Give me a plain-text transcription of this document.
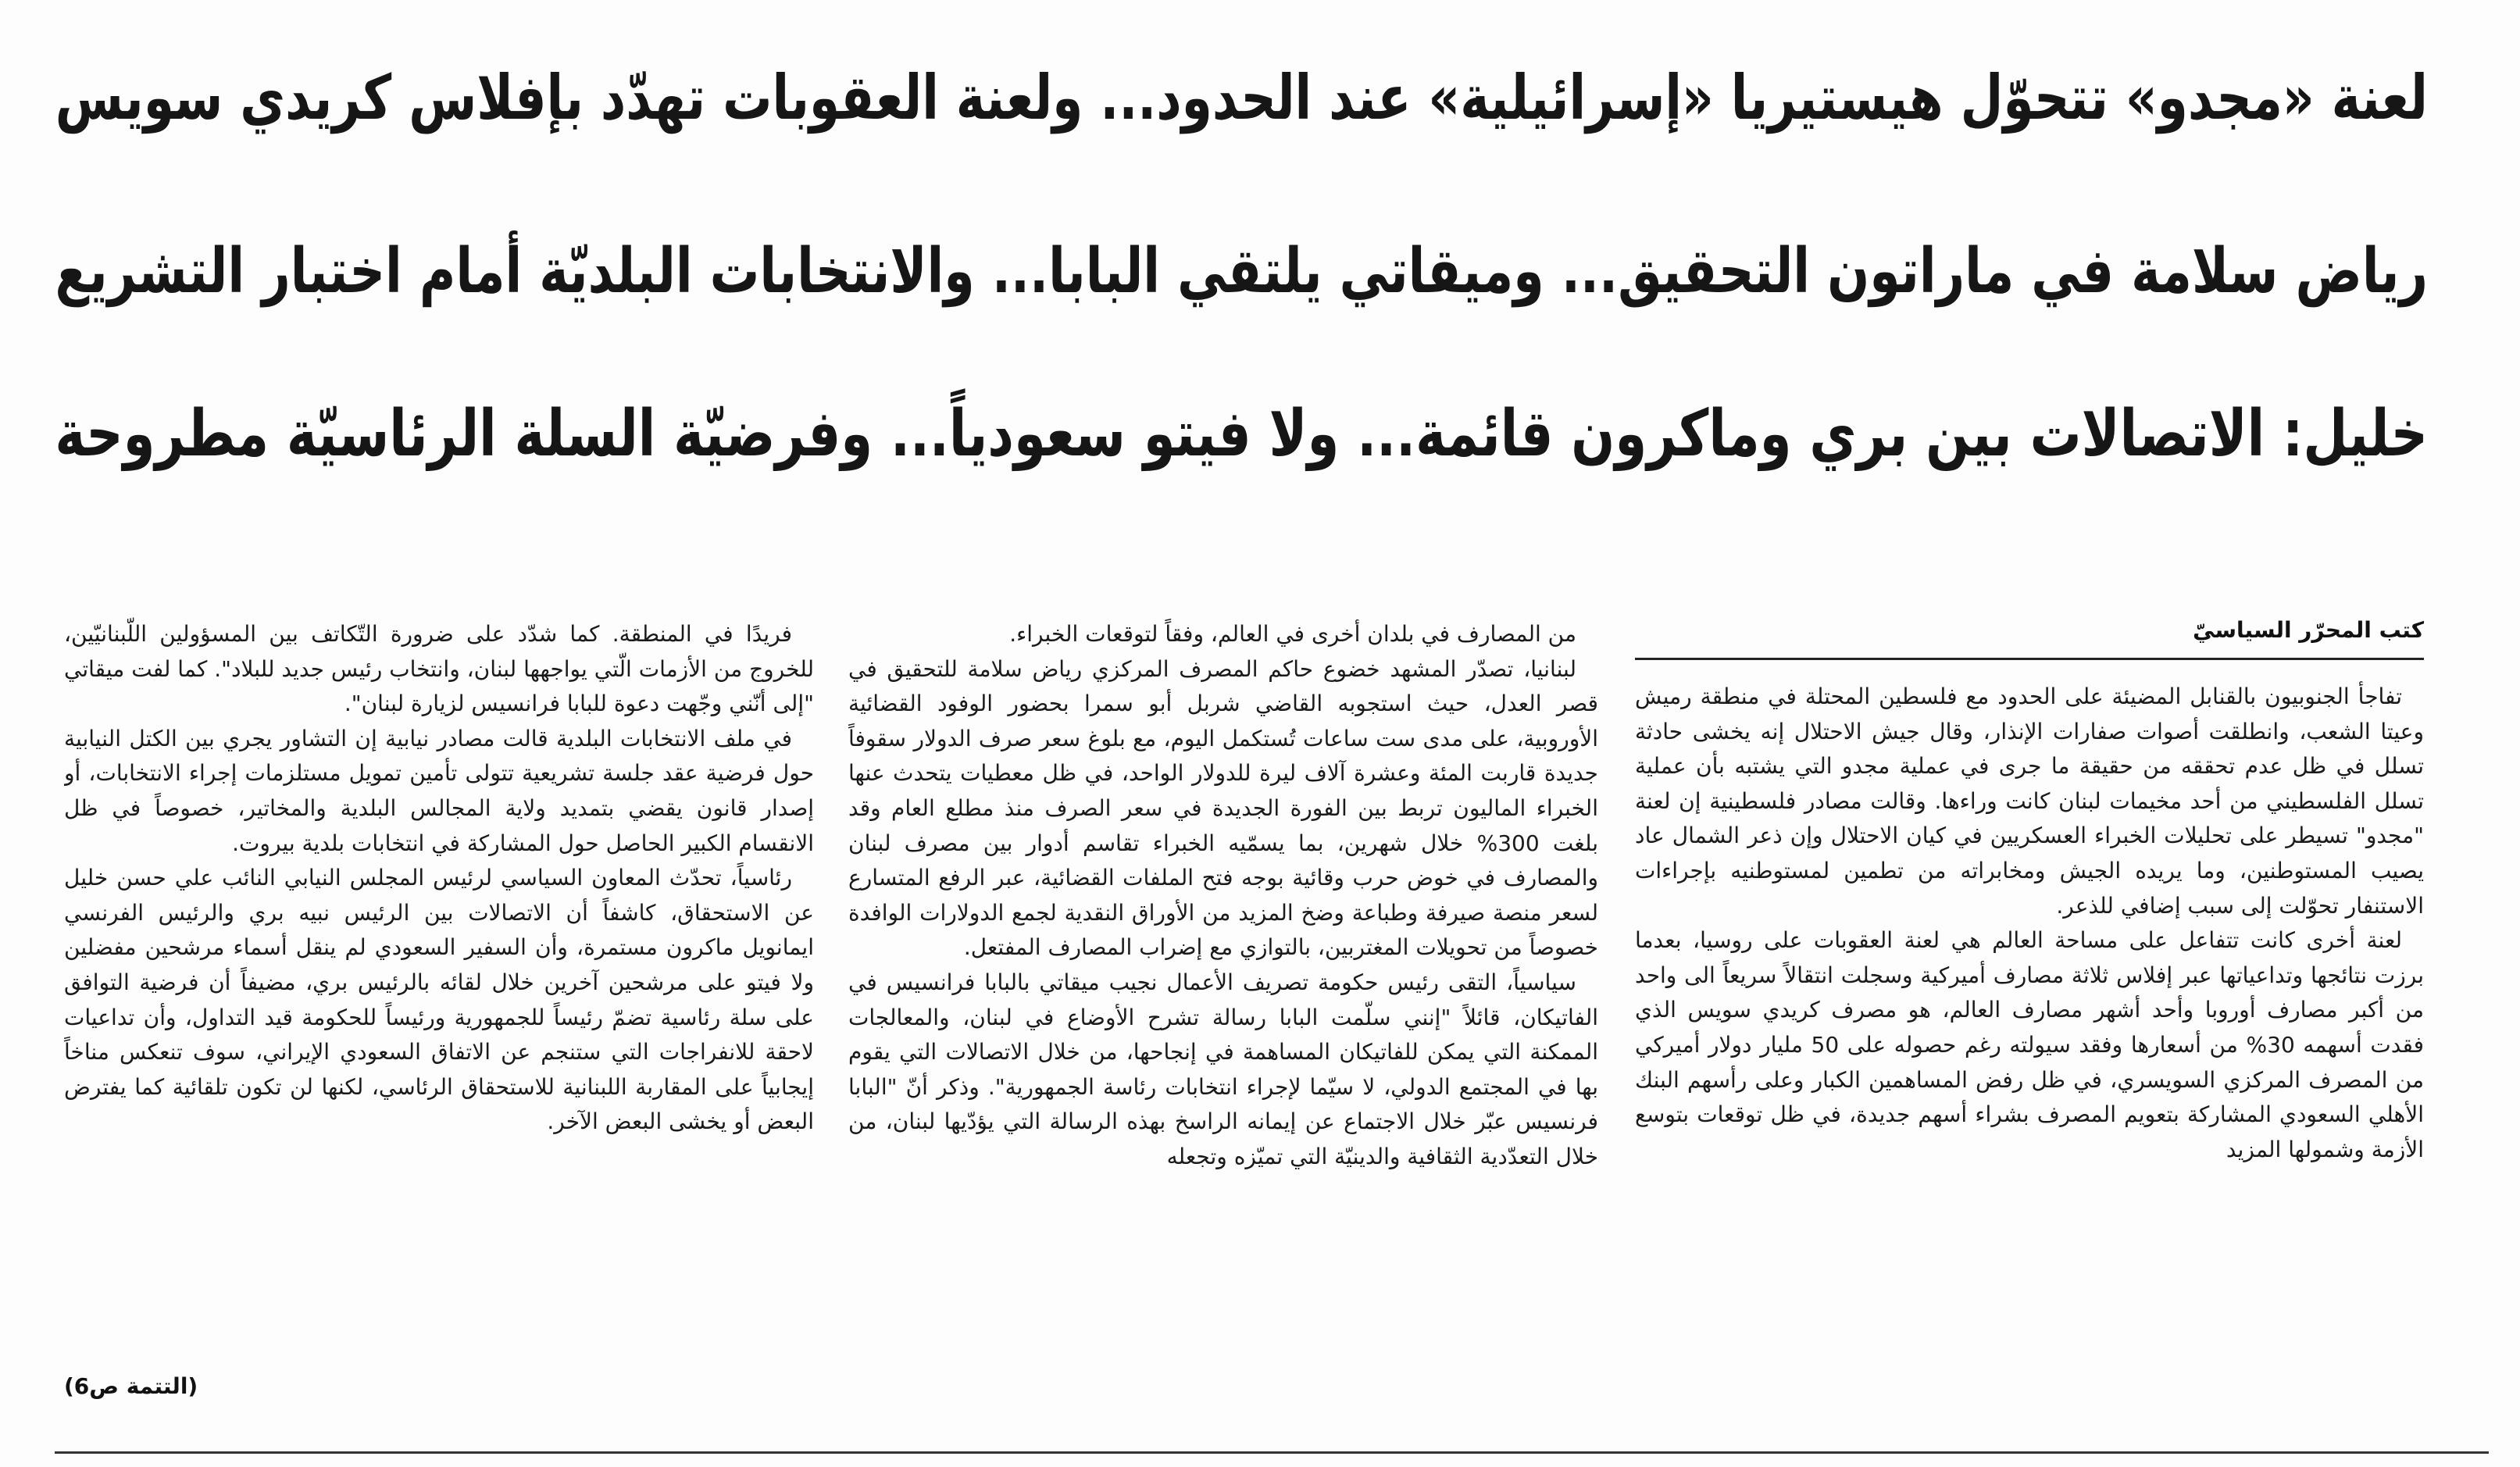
لعنة «مجدو» تتحوّل هيستيريا «إسرائيلية» عند الحدود... ولعنة العقوبات تهدّد بإفلاس كريدي سويس
رياض سلامة في ماراتون التحقيق... وميقاتي يلتقي البابا... والانتخابات البلديّة أمام اختبار التشريع
خليل: الاتصالات بين بري وماكرون قائمة... ولا فيتو سعودياً... وفرضيّة السلة الرئاسيّة مطروحة
كتب المحرّر السياسيّ

تفاجأ الجنوبيون بالقنابل المضيئة على الحدود مع فلسطين المحتلة في منطقة رميش وعيتا الشعب، وانطلقت أصوات صفارات الإنذار، وقال جيش الاحتلال إنه يخشى حادثة تسلل في ظل عدم تحققه من حقيقة ما جرى في عملية مجدو التي يشتبه بأن عملية تسلل الفلسطيني من أحد مخيمات لبنان كانت وراءها. وقالت مصادر فلسطينية إن لعنة "مجدو" تسيطر على تحليلات الخبراء العسكريين في كيان الاحتلال وإن ذعر الشمال عاد يصيب المستوطنين، وما يريده الجيش ومخابراته من تطمين لمستوطنيه بإجراءات الاستنفار تحوّلت إلى سبب إضافي للذعر.

لعنة أخرى كانت تتفاعل على مساحة العالم هي لعنة العقوبات على روسيا، بعدما برزت نتائجها وتداعياتها عبر إفلاس ثلاثة مصارف أميركية وسجلت انتقالاً سريعاً الى واحد من أكبر مصارف أوروبا وأحد أشهر مصارف العالم، هو مصرف كريدي سويس الذي فقدت أسهمه 30% من أسعارها وفقد سيولته رغم حصوله على 50 مليار دولار أميركي من المصرف المركزي السويسري، في ظل رفض المساهمين الكبار وعلى رأسهم البنك الأهلي السعودي المشاركة بتعويم المصرف بشراء أسهم جديدة، في ظل توقعات بتوسع الأزمة وشمولها المزيد

من المصارف في بلدان أخرى في العالم، وفقاً لتوقعات الخبراء.

لبنانيا، تصدّر المشهد خضوع حاكم المصرف المركزي رياض سلامة للتحقيق في قصر العدل، حيث استجوبه القاضي شربل أبو سمرا بحضور الوفود القضائية الأوروبية، على مدى ست ساعات تُستكمل اليوم، مع بلوغ سعر صرف الدولار سقوفاً جديدة قاربت المئة وعشرة آلاف ليرة للدولار الواحد، في ظل معطيات يتحدث عنها الخبراء الماليون تربط بين الفورة الجديدة في سعر الصرف منذ مطلع العام وقد بلغت 300% خلال شهرين، بما يسمّيه الخبراء تقاسم أدوار بين مصرف لبنان والمصارف في خوض حرب وقائية بوجه فتح الملفات القضائية، عبر الرفع المتسارع لسعر منصة صيرفة وطباعة وضخ المزيد من الأوراق النقدية لجمع الدولارات الوافدة خصوصاً من تحويلات المغتربين، بالتوازي مع إضراب المصارف المفتعل.

سياسياً، التقى رئيس حكومة تصريف الأعمال نجيب ميقاتي بالبابا فرانسيس في الفاتيكان، قائلاً "إنني سلّمت البابا رسالة تشرح الأوضاع في لبنان، والمعالجات الممكنة التي يمكن للفاتيكان المساهمة في إنجاحها، من خلال الاتصالات التي يقوم بها في المجتمع الدولي، لا سيّما لإجراء انتخابات رئاسة الجمهورية". وذكر أنّ "البابا فرنسيس عبّر خلال الاجتماع عن إيمانه الراسخ بهذه الرسالة التي يؤدّيها لبنان، من خلال التعدّدية الثقافية والدينيّة التي تميّزه وتجعله

فريدًا في المنطقة. كما شدّد على ضرورة التّكاتف بين المسؤولين اللّبنانيّين، للخروج من الأزمات الّتي يواجهها لبنان، وانتخاب رئيس جديد للبلاد". كما لفت ميقاتي "إلى أنّني وجّهت دعوة للبابا فرانسيس لزيارة لبنان".

في ملف الانتخابات البلدية قالت مصادر نيابية إن التشاور يجري بين الكتل النيابية حول فرضية عقد جلسة تشريعية تتولى تأمين تمويل مستلزمات إجراء الانتخابات، أو إصدار قانون يقضي بتمديد ولاية المجالس البلدية والمخاتير، خصوصاً في ظل الانقسام الكبير الحاصل حول المشاركة في انتخابات بلدية بيروت.

رئاسياً، تحدّث المعاون السياسي لرئيس المجلس النيابي النائب علي حسن خليل عن الاستحقاق، كاشفاً أن الاتصالات بين الرئيس نبيه بري والرئيس الفرنسي ايمانويل ماكرون مستمرة، وأن السفير السعودي لم ينقل أسماء مرشحين مفضلين ولا فيتو على مرشحين آخرين خلال لقائه بالرئيس بري، مضيفاً أن فرضية التوافق على سلة رئاسية تضمّ رئيساً للجمهورية ورئيساً للحكومة قيد التداول، وأن تداعيات لاحقة للانفراجات التي ستنجم عن الاتفاق السعودي الإيراني، سوف تنعكس مناخاً إيجابياً على المقاربة اللبنانية للاستحقاق الرئاسي، لكنها لن تكون تلقائية كما يفترض البعض أو يخشى البعض الآخر.

(التتمة ص6)
